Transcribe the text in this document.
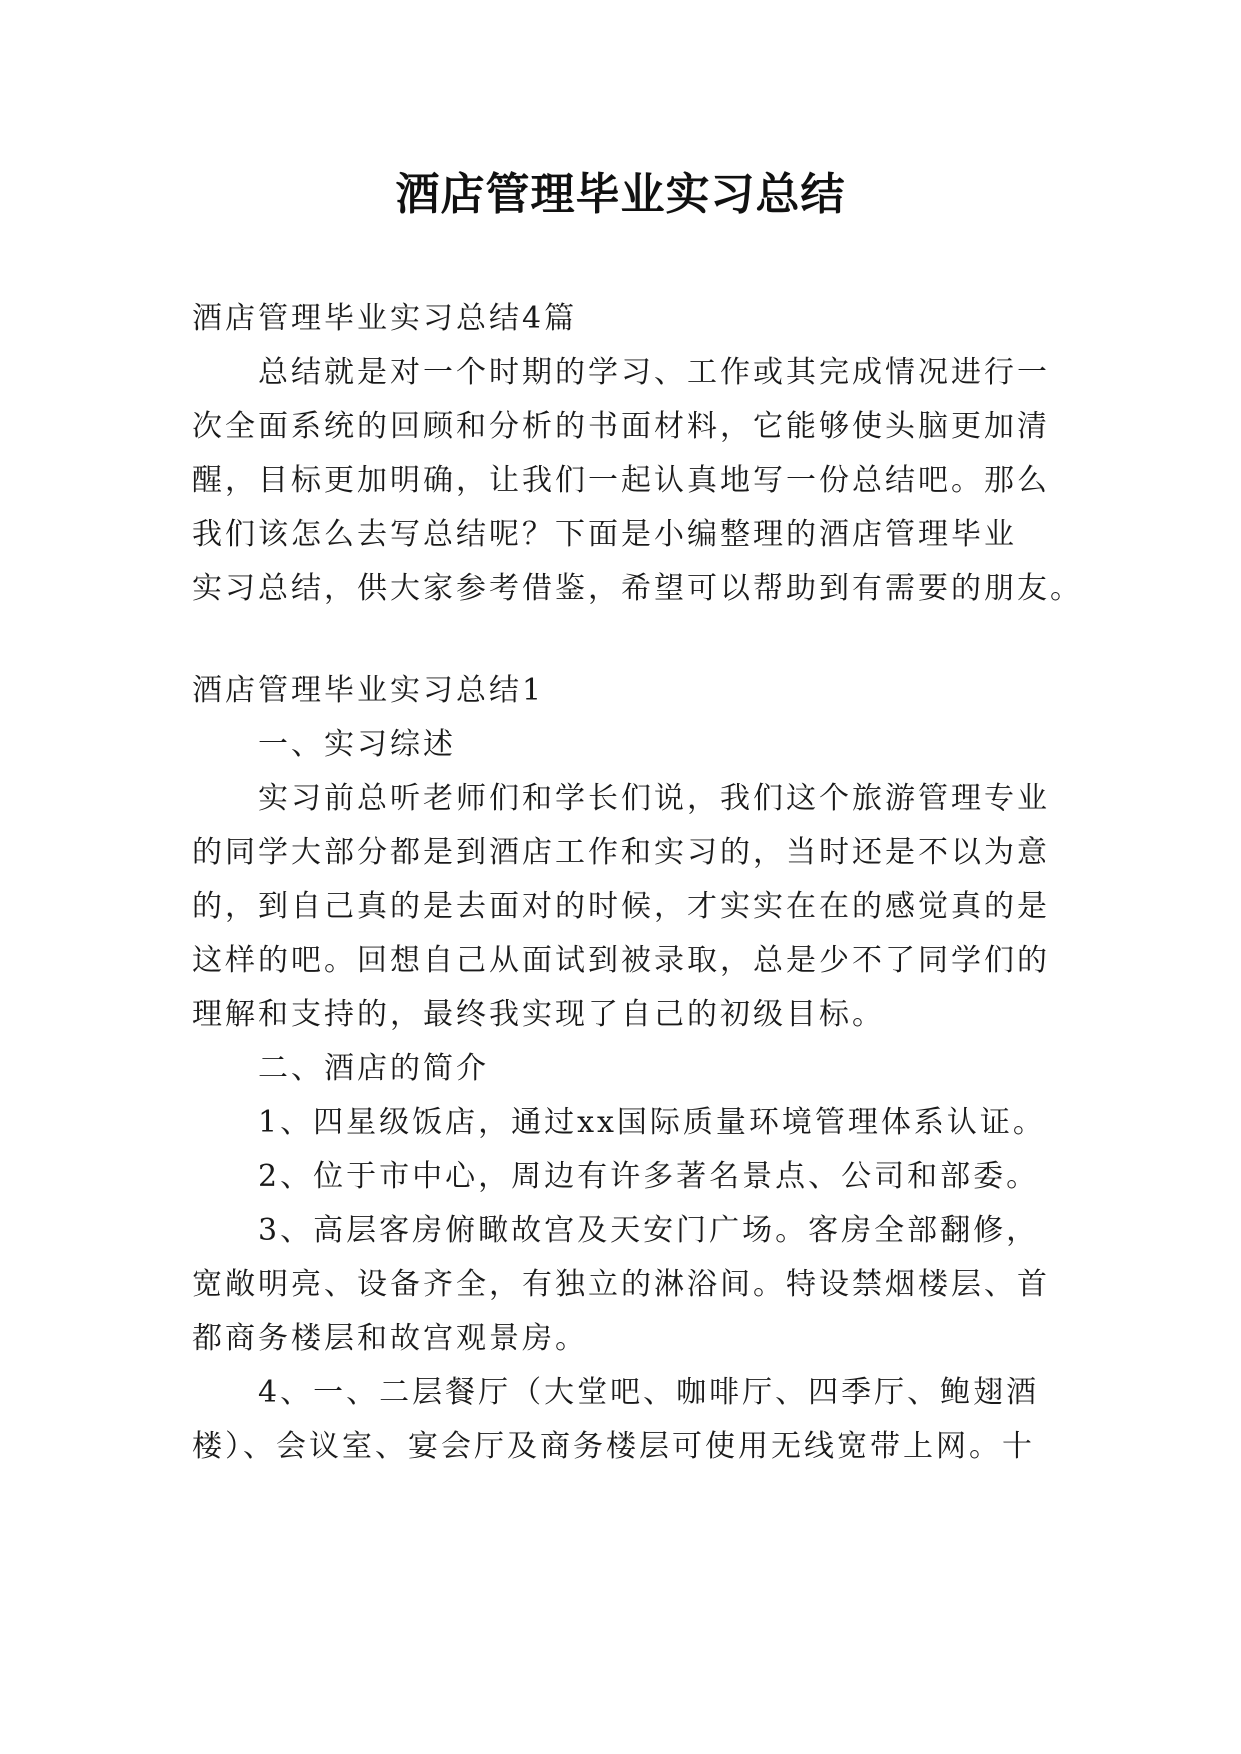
酒店管理毕业实习总结
酒店管理毕业实习总结4篇
总结就是对一个时期的学习、工作或其完成情况进行一
次全面系统的回顾和分析的书面材料，它能够使头脑更加清
醒，目标更加明确，让我们一起认真地写一份总结吧。那么
我们该怎么去写总结呢？下面是小编整理的酒店管理毕业
实习总结，供大家参考借鉴，希望可以帮助到有需要的朋友。
酒店管理毕业实习总结1
一、实习综述
实习前总听老师们和学长们说，我们这个旅游管理专业
的同学大部分都是到酒店工作和实习的，当时还是不以为意
的，到自己真的是去面对的时候，才实实在在的感觉真的是
这样的吧。回想自己从面试到被录取，总是少不了同学们的
理解和支持的，最终我实现了自己的初级目标。
二、酒店的简介
1、四星级饭店，通过xx国际质量环境管理体系认证。
2、位于市中心，周边有许多著名景点、公司和部委。
3、高层客房俯瞰故宫及天安门广场。客房全部翻修，
宽敞明亮、设备齐全，有独立的淋浴间。特设禁烟楼层、首
都商务楼层和故宫观景房。
4、一、二层餐厅（大堂吧、咖啡厅、四季厅、鲍翅酒
楼）、会议室、宴会厅及商务楼层可使用无线宽带上网。十
